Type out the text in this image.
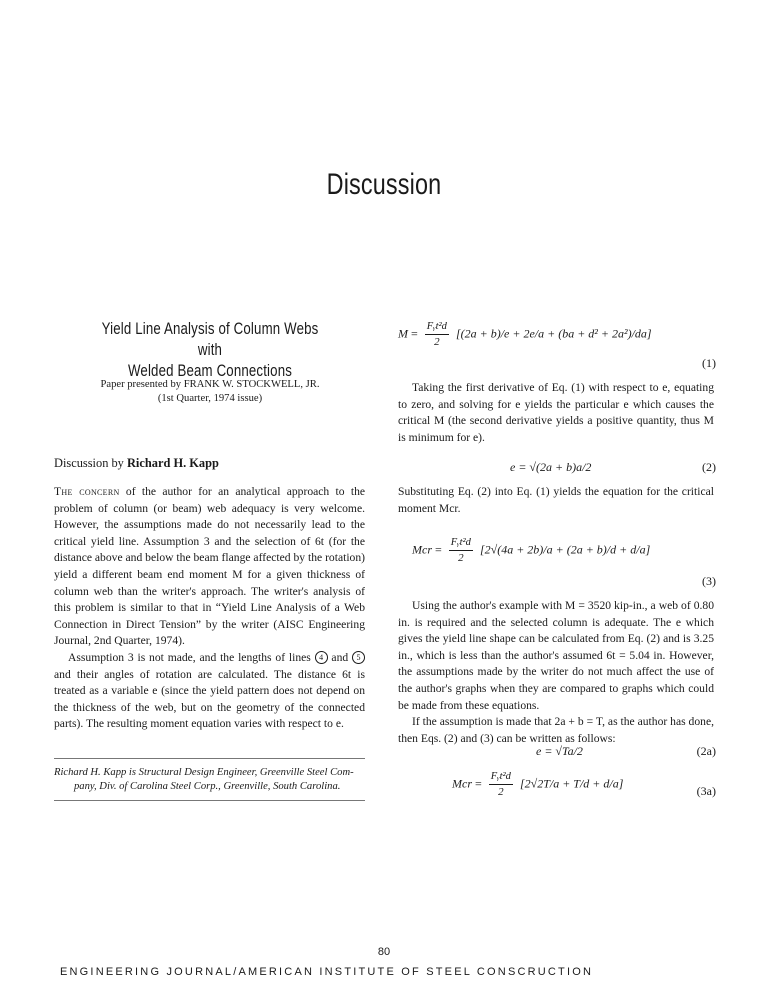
Discussion
Yield Line Analysis of Column Webs with
Welded Beam Connections
Paper presented by FRANK W. STOCKWELL, JR.
(1st Quarter, 1974 issue)
Discussion by Richard H. Kapp

The concern of the author for an analytical approach to the problem of column (or beam) web adequacy is very welcome. However, the assumptions made do not necessarily lead to the critical yield line. Assumption 3 and the selection of 6t (for the distance above and below the beam flange affected by the rotation) yield a different beam end moment M for a given thickness of column web than the writer's approach. The writer's analysis of this problem is similar to that in “Yield Line Analysis of a Web Connection in Direct Tension” by the writer (AISC Engineering Journal, 2nd Quarter, 1974).

Assumption 3 is not made, and the lengths of lines 4 and 5 and their angles of rotation are calculated. The distance 6t is treated as a variable e (since the yield pattern does not depend on the thickness of the web, but on the geometry of the connected parts). The resulting moment equation varies with respect to e.

Richard H. Kapp is Structural Design Engineer, Greenville Steel Com-
pany, Div. of Carolina Steel Corp., Greenville, South Carolina.
$M = \frac{\text{Fᵧt²d}}{2} [(2a + b)/e + 2e/a + (ba + d^2 + 2a^2)/da]$
(1)

Taking the first derivative of Eq. (1) with respect to e, equating to zero, and solving for e yields the particular e which causes the critical M (the second derivative yields a positive quantity, thus M is minimum for e).

e = √(2a + b)a/2	(2)

Substituting Eq. (2) into Eq. (1) yields the equation for the critical moment Mcr.

Mcr = $\frac{\text{Fᵧt²d}}{2} [2√(4a + 2b)/a + (2a + b)/d + d/a]$
(3)

Using the author's example with M = 3520 kip-in., a web of 0.80 in. is required and the selected column is adequate. The e which gives the yield line shape can be calculated from Eq. (2) and is 3.25 in., which is less than the author's assumed 6t = 5.04 in. However, the assumptions made by the writer do not much affect the use of the author's graphs when they are compared to graphs which could be made from these equations.

If the assumption is made that 2a + b = T, as the author has done, then Eqs. (2) and (3) can be written as follows:

e = √Ta/2	(2a)
Mcr = $\frac{\text{Fᵧt²d}}{2} [2√2T/a + T/d + d/a]$
(3a)
80
ENGINEERING JOURNAL/AMERICAN INSTITUTE OF STEEL CONSCRUCTION
